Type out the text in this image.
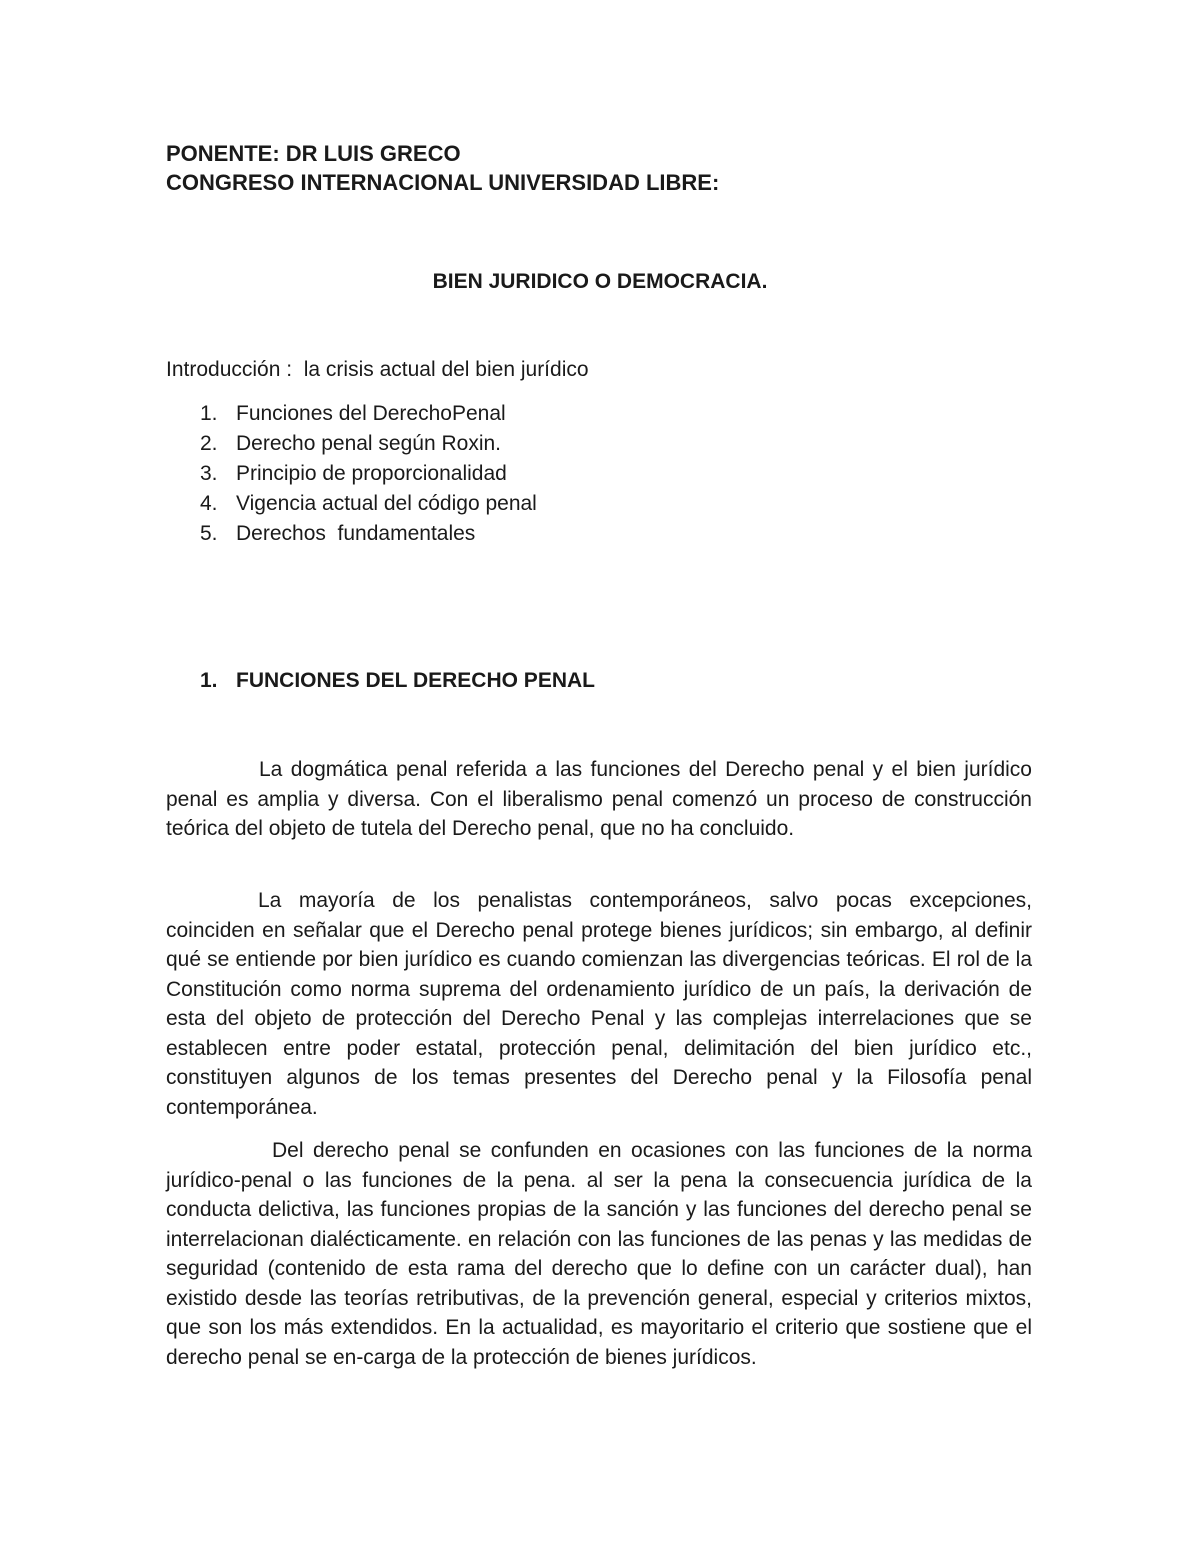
PONENTE: DR LUIS GRECO
CONGRESO INTERNACIONAL UNIVERSIDAD LIBRE:
BIEN JURIDICO O DEMOCRACIA.
Introducción :  la crisis actual del bien jurídico
1. Funciones del DerechoPenal
2. Derecho penal según Roxin.
3. Principio de proporcionalidad
4. Vigencia actual del código penal
5. Derechos  fundamentales
1. FUNCIONES DEL DERECHO PENAL

La dogmática penal referida a las funciones del Derecho penal y el bien jurídico penal es amplia y diversa. Con el liberalismo penal comenzó un proceso de construcción teórica del objeto de tutela del Derecho penal, que no ha concluido.

La mayoría de los penalistas contemporáneos, salvo pocas excepciones, coinciden en señalar que el Derecho penal protege bienes jurídicos; sin embargo, al definir qué se entiende por bien jurídico es cuando comienzan las divergencias teóricas. El rol de la Constitución como norma suprema del ordenamiento jurídico de un país, la derivación de esta del objeto de protección del Derecho Penal y las complejas interrelaciones que se establecen entre poder estatal, protección penal, delimitación del bien jurídico etc., constituyen algunos de los temas presentes del Derecho penal y la Filosofía penal contemporánea.

Del derecho penal se confunden en ocasiones con las funciones de la norma jurídico-penal o las funciones de la pena. al ser la pena la consecuencia jurídica de la conducta delictiva, las funciones propias de la sanción y las funciones del derecho penal se interrelacionan dialécticamente. en relación con las funciones de las penas y las medidas de seguridad (contenido de esta rama del derecho que lo define con un carácter dual), han existido desde las teorías retributivas, de la prevención general, especial y criterios mixtos, que son los más extendidos. En la actualidad, es mayoritario el criterio que sostiene que el derecho penal se en-carga de la protección de bienes jurídicos.
